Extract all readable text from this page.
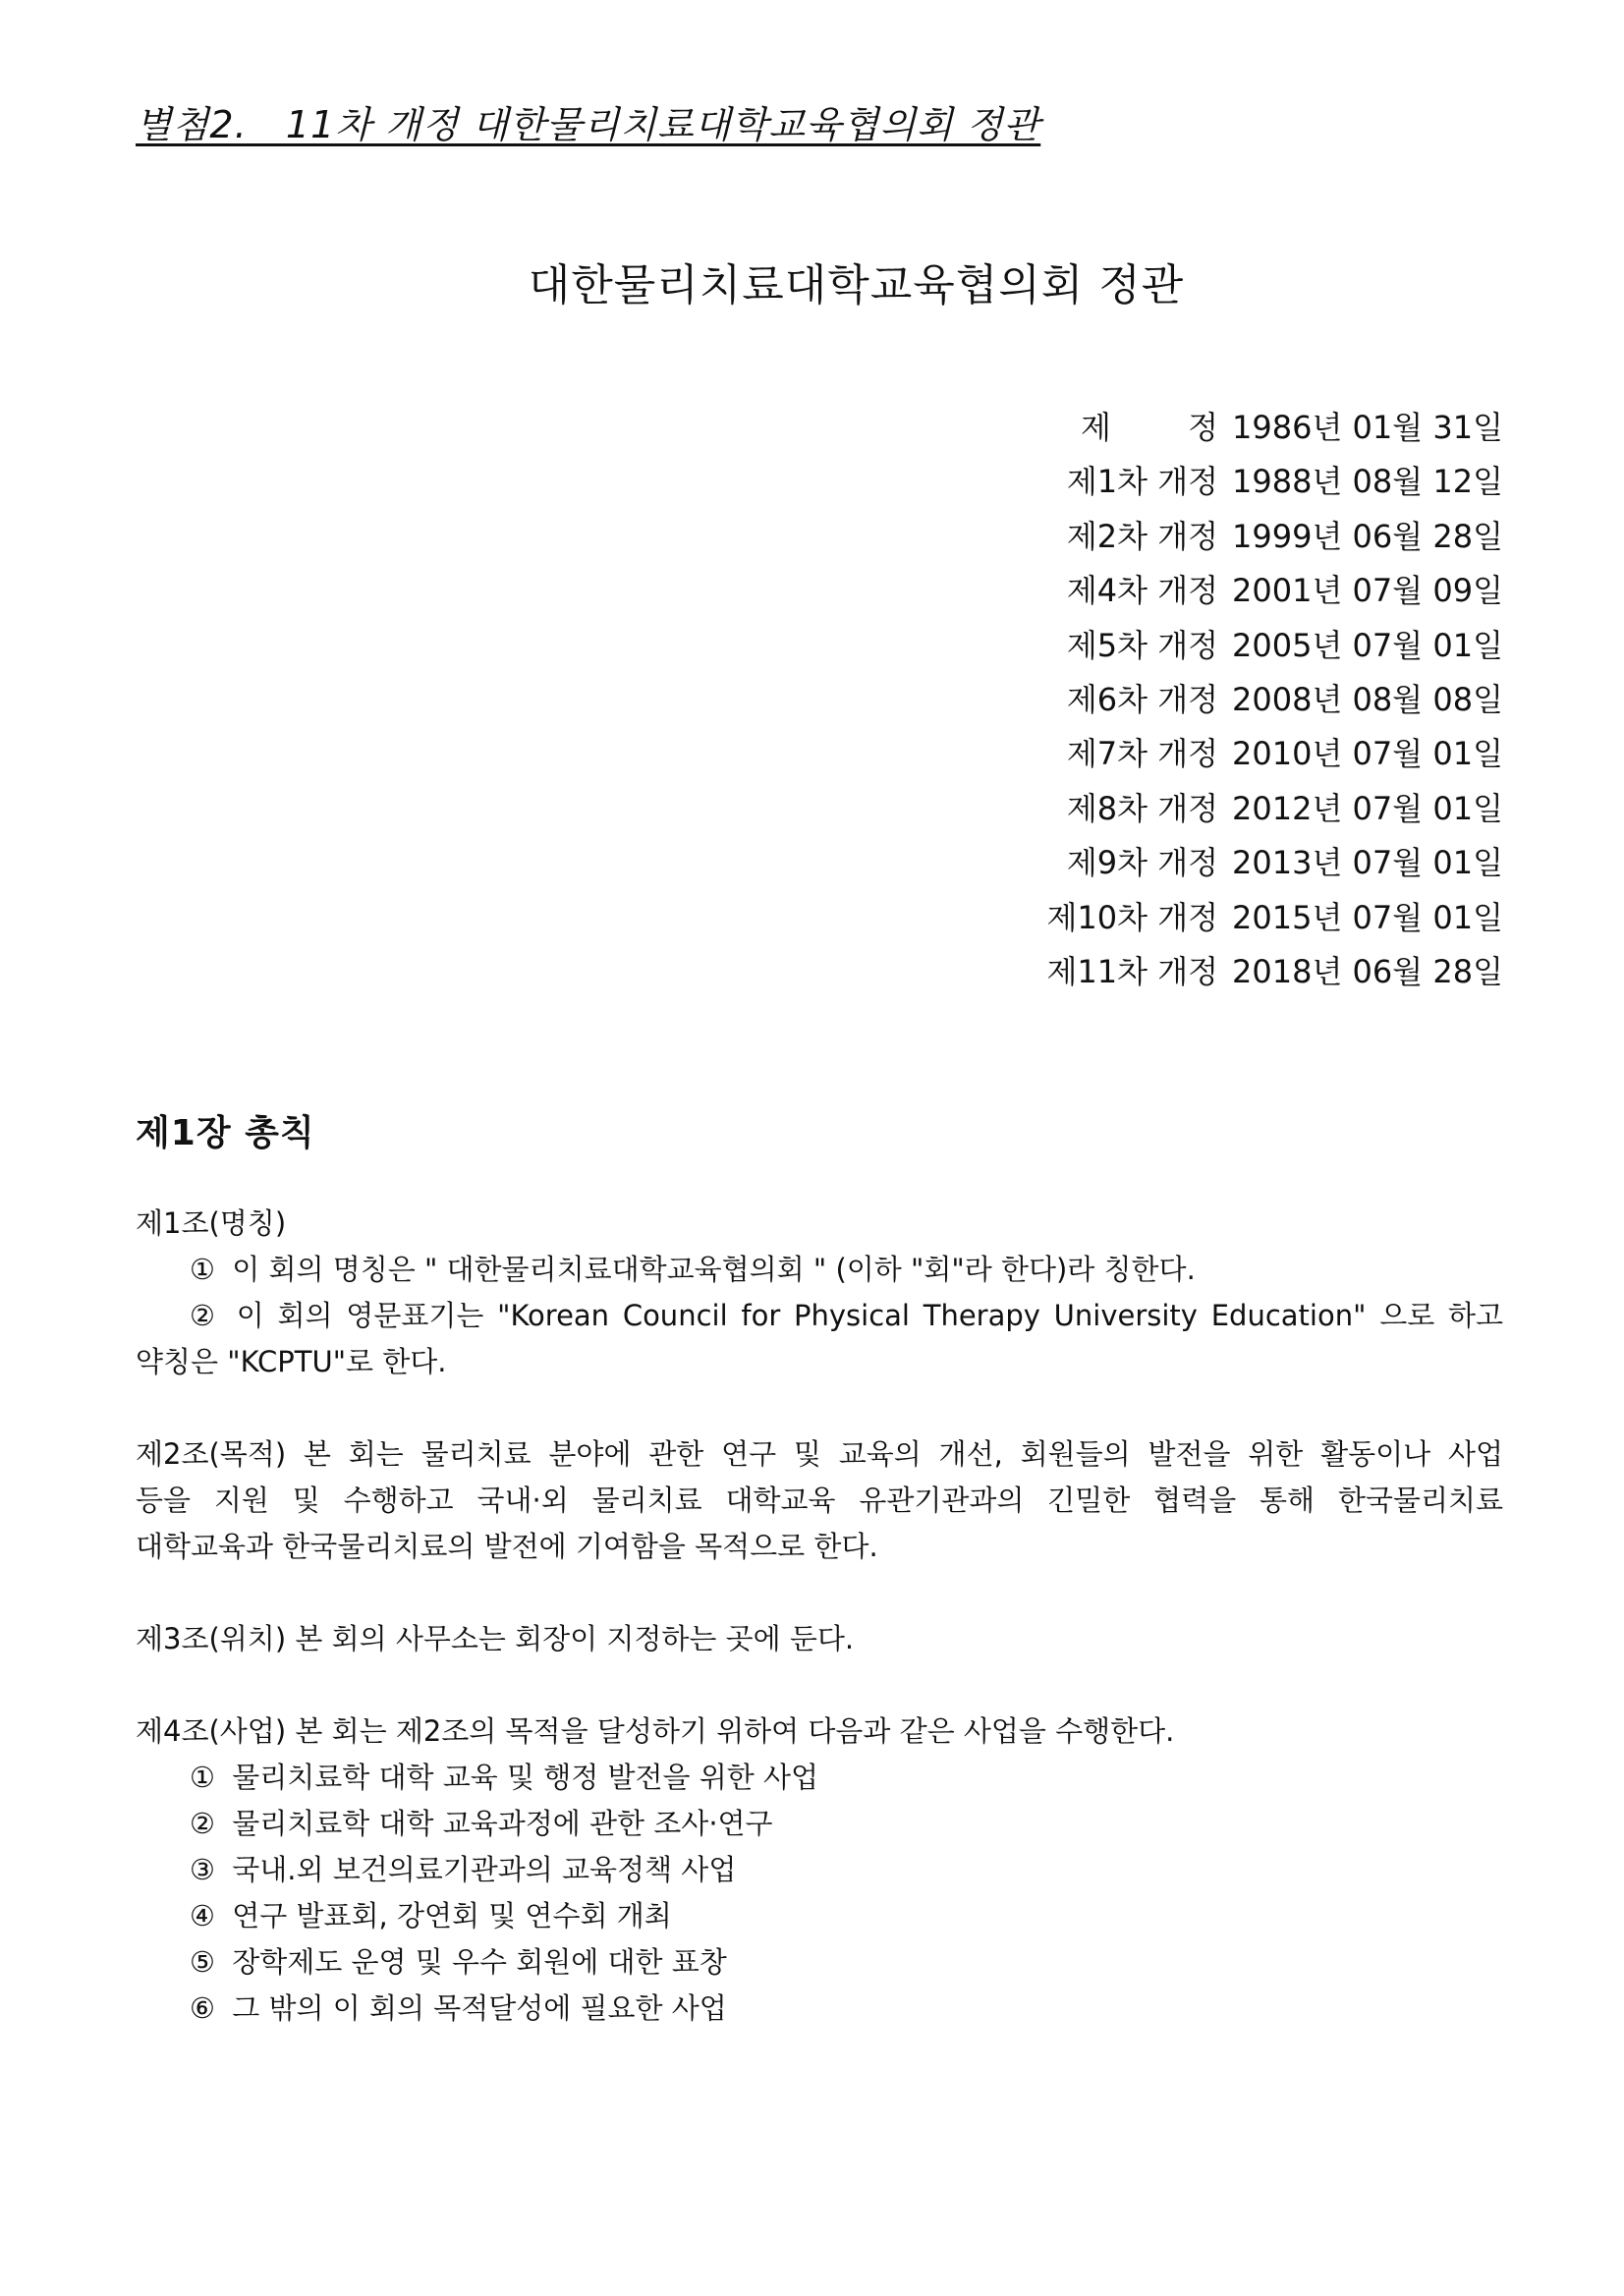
별첨2.   11차 개정 대한물리치료대학교육협의회 정관
대한물리치료대학교육협의회 정관
제 정 1986년 01월 31일
제1차 개정 1988년 08월 12일
제2차 개정 1999년 06월 28일
제4차 개정 2001년 07월 09일
제5차 개정 2005년 07월 01일
제6차 개정 2008년 08월 08일
제7차 개정 2010년 07월 01일
제8차 개정 2012년 07월 01일
제9차 개정 2013년 07월 01일
제10차 개정 2015년 07월 01일
제11차 개정 2018년 06월 28일
제1장 총칙
제1조(명칭)
① 이 회의 명칭은 " 대한물리치료대학교육협의회 " (이하 "회"라 한다)라 칭한다.
② 이 회의 영문표기는 "Korean Council for Physical Therapy University Education" 으로 하고
약칭은 "KCPTU"로 한다.
제2조(목적) 본 회는 물리치료 분야에 관한 연구 및 교육의 개선, 회원들의 발전을 위한 활동이나 사업
등을 지원 및 수행하고 국내·외 물리치료 대학교육 유관기관과의 긴밀한 협력을 통해 한국물리치료
대학교육과 한국물리치료의 발전에 기여함을 목적으로 한다.
제3조(위치) 본 회의 사무소는 회장이 지정하는 곳에 둔다.
제4조(사업) 본 회는 제2조의 목적을 달성하기 위하여 다음과 같은 사업을 수행한다.
① 물리치료학 대학 교육 및 행정 발전을 위한 사업
② 물리치료학 대학 교육과정에 관한 조사·연구
③ 국내.외 보건의료기관과의 교육정책 사업
④ 연구 발표회, 강연회 및 연수회 개최
⑤ 장학제도 운영 및 우수 회원에 대한 표창
⑥ 그 밖의 이 회의 목적달성에 필요한 사업
